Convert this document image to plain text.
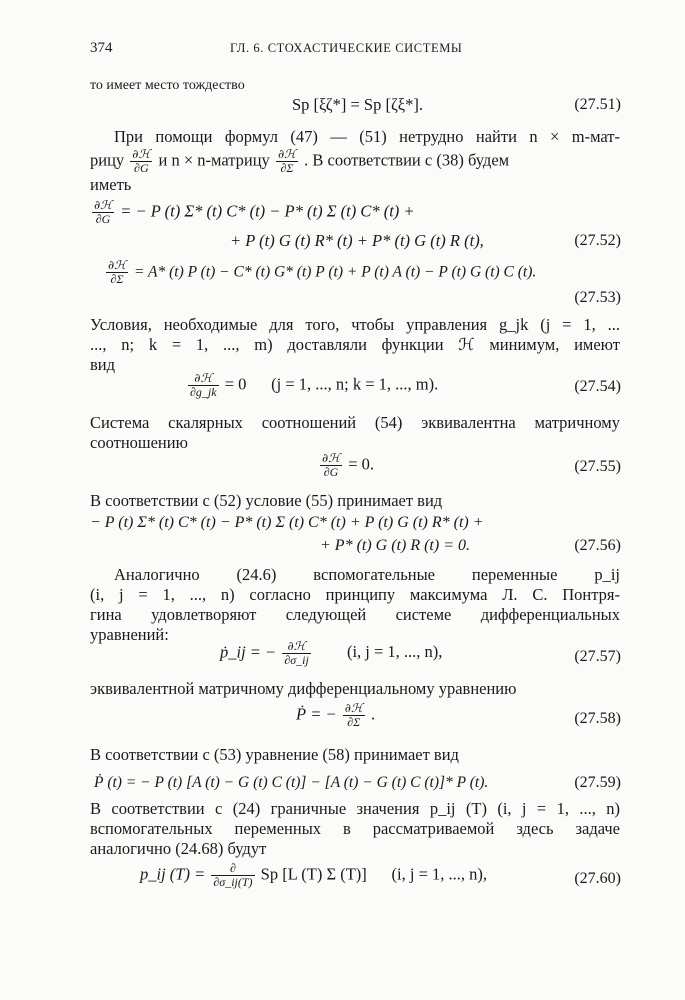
374	ГЛ. 6. СТОХАСТИЧЕСКИЕ СИСТЕМЫ
то имеет место тождество
Sp [ξζ*] = Sp [ζξ*].	(27.51)
При помощи формул (47) — (51) нетрудно найти n × m-мат-
рицу $\frac{\text{∂ℋ}}{\partial G}$ и n × n-матрицу $\frac{\text{∂ℋ}}{\partial\Sigma}$ . В соответствии с (38) будем
иметь
$\frac{\text{∂ℋ}}{\partial G}$ = − P (t) Σ* (t) C* (t) − P* (t) Σ (t) C* (t) +
+ P (t) G (t) R* (t) + P* (t) G (t) R (t),	(27.52)
$\frac{\text{∂ℋ}}{\partial\Sigma} = A*$ (t) P (t) − C* (t) G* (t) P (t) + P (t) A (t) − P (t) G (t) C (t).
(27.53)
Условия, необходимые для того, чтобы управления g_jk (j = 1, ...
..., n; k = 1, ..., m) доставляли функции ℋ минимум, имеют
вид
$\frac{\text{∂ℋ}}{\partial g\_jk} = 0$      (j = 1, ..., n; k = 1, ..., m).	(27.54)
Система скалярных соотношений (54) эквивалентна матричному
соотношению
$\frac{\text{∂ℋ}}{\partial G} = 0$.	(27.55)
В соответствии с (52) условие (55) принимает вид
− P (t) Σ* (t) C* (t) − P* (t) Σ (t) C* (t) + P (t) G (t) R* (t) +
+ P* (t) G (t) R (t) = 0.	(27.56)
Аналогично (24.6) вспомогательные переменные p_ij
(i, j = 1, ..., n) согласно принципу максимума Л. С. Понтря-
гина удовлетворяют следующей системе дифференциальных
уравнений:
ṗ_ij = − $\frac{\text{∂ℋ}}{\partial\sigma\_ij} (i$, j = 1, ..., n),	(27.57)
эквивалентной матричному дифференциальному уравнению
Ṗ = − $\frac{\text{∂ℋ}}{\partial\Sigma}$ .	(27.58)
В соответствии с (53) уравнение (58) принимает вид
Ṗ (t) = − P (t) [A (t) − G (t) C (t)] − [A (t) − G (t) C (t)]* P (t).	(27.59)
В соответствии с (24) граничные значения p_ij (T) (i, j = 1, ..., n)
вспомогательных переменных в рассматриваемой здесь задаче
аналогично (24.68) будут
p_ij $(T) = \frac{\partial}{\partial\sigma\_ij(T)}$ Sp [L (T) Σ (T)]      (i, j = 1, ..., n),	(27.60)
